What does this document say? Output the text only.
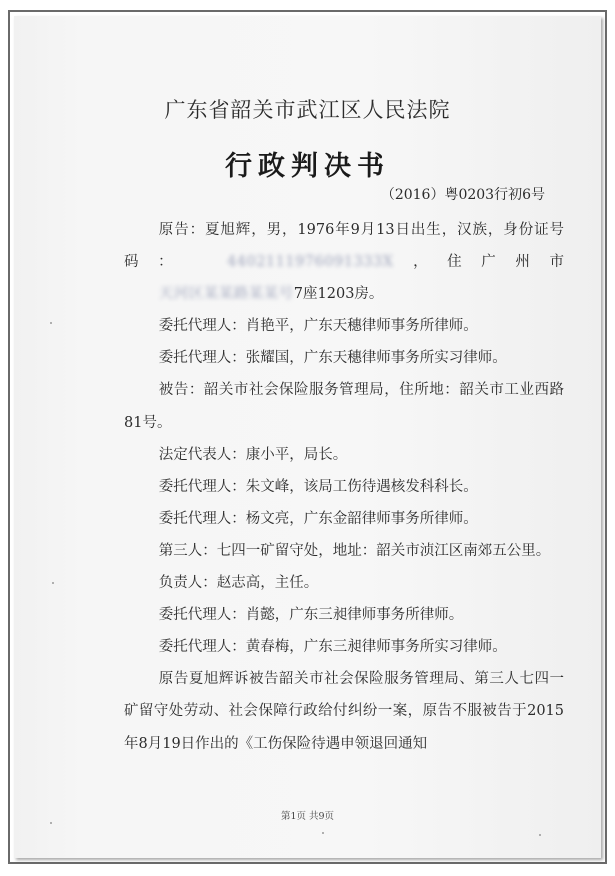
广东省韶关市武江区人民法院
行政判决书
（2016）粤0203行初6号

原告：夏旭辉，男，1976年9月13日出生，汉族，身份证号码： 4402111976091333X，住广州市天河区某某路某某号7座1203房。

委托代理人：肖艳平，广东天穗律师事务所律师。

委托代理人：张耀国，广东天穗律师事务所实习律师。

被告：韶关市社会保险服务管理局，住所地：韶关市工业西路81号。

法定代表人：康小平，局长。

委托代理人：朱文峰，该局工伤待遇核发科科长。

委托代理人：杨文亮，广东金韶律师事务所律师。

第三人：七四一矿留守处，地址：韶关市浈江区南郊五公里。

负责人：赵志高，主任。

委托代理人：肖懿，广东三昶律师事务所律师。

委托代理人：黄春梅，广东三昶律师事务所实习律师。

原告夏旭辉诉被告韶关市社会保险服务管理局、第三人七四一矿留守处劳动、社会保障行政给付纠纷一案，原告不服被告于2015年8月19日作出的《工伤保险待遇申领退回通知

第1页 共9页
